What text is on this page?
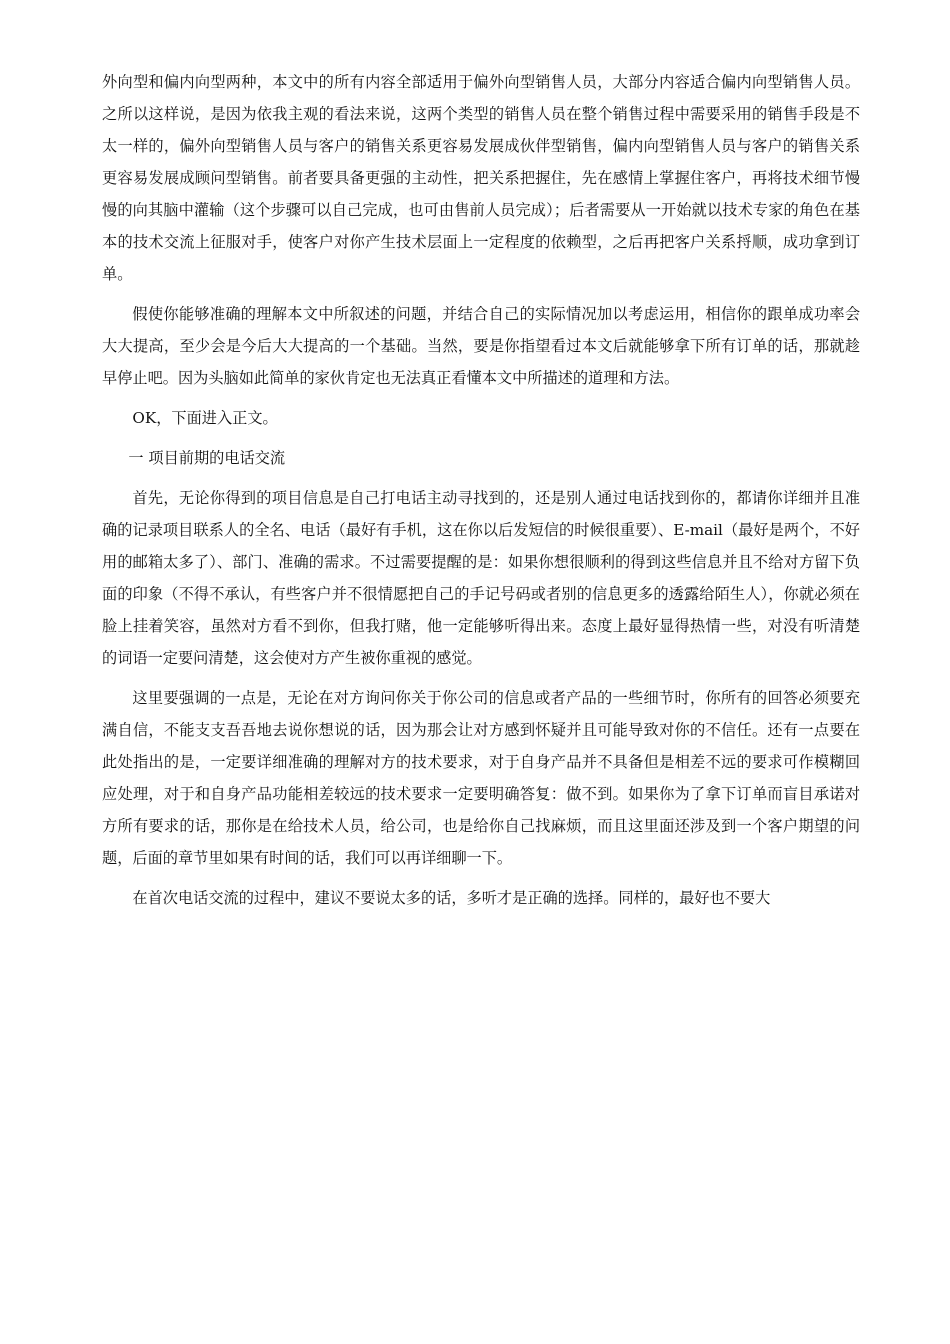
外向型和偏内向型两种，本文中的所有内容全部适用于偏外向型销售人员，大部分内容适合偏内向型销售人员。之所以这样说，是因为依我主观的看法来说，这两个类型的销售人员在整个销售过程中需要采用的销售手段是不太一样的，偏外向型销售人员与客户的销售关系更容易发展成伙伴型销售，偏内向型销售人员与客户的销售关系更容易发展成顾问型销售。前者要具备更强的主动性，把关系把握住，先在感情上掌握住客户，再将技术细节慢慢的向其脑中灌输（这个步骤可以自己完成，也可由售前人员完成）；后者需要从一开始就以技术专家的角色在基本的技术交流上征服对手，使客户对你产生技术层面上一定程度的依赖型，之后再把客户关系捋顺，成功拿到订单。

假使你能够准确的理解本文中所叙述的问题，并结合自己的实际情况加以考虑运用，相信你的跟单成功率会大大提高，至少会是今后大大提高的一个基础。当然，要是你指望看过本文后就能够拿下所有订单的话，那就趁早停止吧。因为头脑如此简单的家伙肯定也无法真正看懂本文中所描述的道理和方法。

OK，下面进入正文。

一 项目前期的电话交流

首先，无论你得到的项目信息是自己打电话主动寻找到的，还是别人通过电话找到你的，都请你详细并且准确的记录项目联系人的全名、电话（最好有手机，这在你以后发短信的时候很重要）、E-mail（最好是两个，不好用的邮箱太多了）、部门、准确的需求。不过需要提醒的是：如果你想很顺利的得到这些信息并且不给对方留下负面的印象（不得不承认，有些客户并不很情愿把自己的手记号码或者别的信息更多的透露给陌生人），你就必须在脸上挂着笑容，虽然对方看不到你，但我打赌，他一定能够听得出来。态度上最好显得热情一些，对没有听清楚的词语一定要问清楚，这会使对方产生被你重视的感觉。

这里要强调的一点是，无论在对方询问你关于你公司的信息或者产品的一些细节时，你所有的回答必须要充满自信，不能支支吾吾地去说你想说的话，因为那会让对方感到怀疑并且可能导致对你的不信任。还有一点要在此处指出的是，一定要详细准确的理解对方的技术要求，对于自身产品并不具备但是相差不远的要求可作模糊回应处理，对于和自身产品功能相差较远的技术要求一定要明确答复：做不到。如果你为了拿下订单而盲目承诺对方所有要求的话，那你是在给技术人员，给公司，也是给你自己找麻烦，而且这里面还涉及到一个客户期望的问题，后面的章节里如果有时间的话，我们可以再详细聊一下。

在首次电话交流的过程中，建议不要说太多的话，多听才是正确的选择。同样的，最好也不要大
